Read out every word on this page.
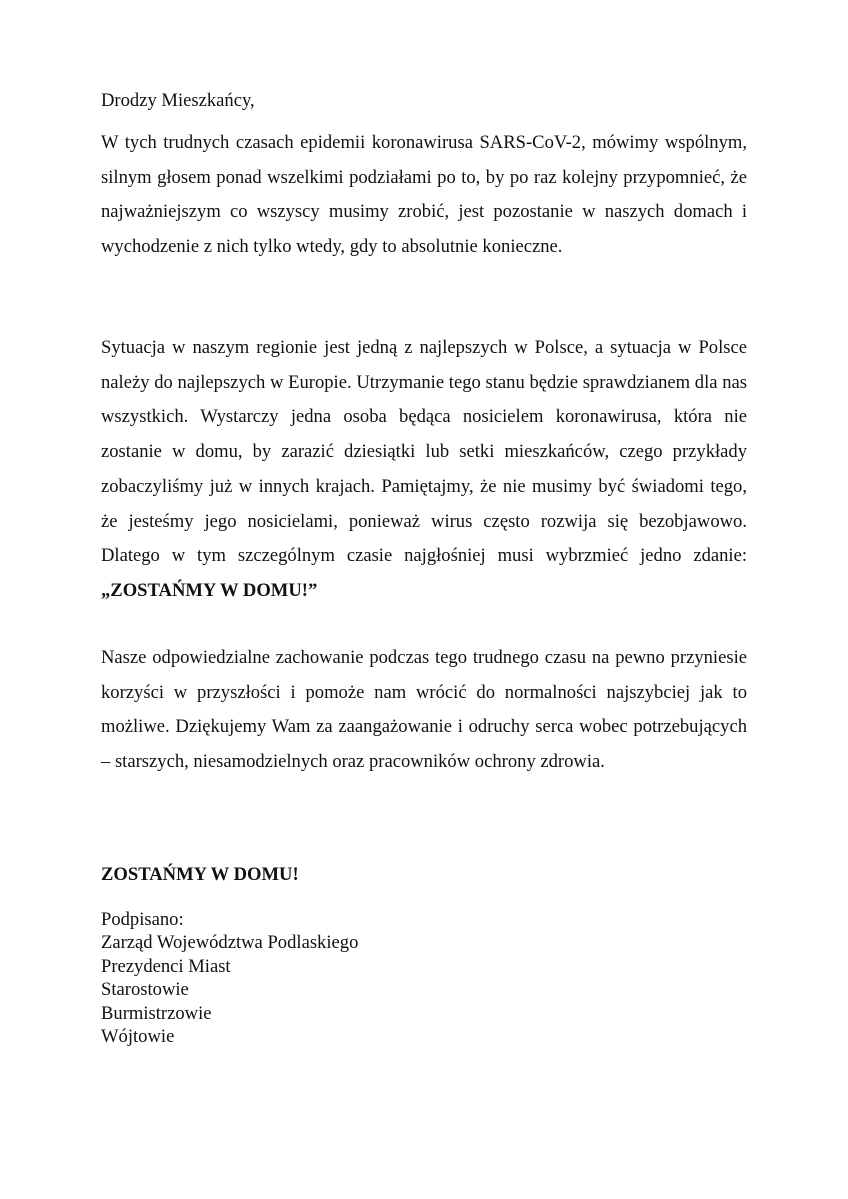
Drodzy Mieszkańcy,
W tych trudnych czasach epidemii koronawirusa SARS-CoV-2, mówimy wspólnym, silnym głosem ponad wszelkimi podziałami po to, by po raz kolejny przypomnieć, że najważniejszym co wszyscy musimy zrobić, jest pozostanie w naszych domach i wychodzenie z nich tylko wtedy, gdy to absolutnie konieczne.
Sytuacja w naszym regionie jest jedną z najlepszych w Polsce, a sytuacja w Polsce należy do najlepszych w Europie. Utrzymanie tego stanu będzie sprawdzianem dla nas wszystkich. Wystarczy jedna osoba będąca nosicielem koronawirusa, która nie zostanie w domu, by zarazić dziesiątki lub setki mieszkańców, czego przykłady zobaczyliśmy już w innych krajach. Pamiętajmy, że nie musimy być świadomi tego, że jesteśmy jego nosicielami, ponieważ wirus często rozwija się bezobjawowo. Dlatego w tym szczególnym czasie najgłośniej musi wybrzmieć jedno zdanie: „ZOSTAŃMY W DOMU!”
Nasze odpowiedzialne zachowanie podczas tego trudnego czasu na pewno przyniesie korzyści w przyszłości i pomoże nam wrócić do normalności najszybciej jak to możliwe. Dziękujemy Wam za zaangażowanie i odruchy serca wobec potrzebujących – starszych, niesamodzielnych oraz pracowników ochrony zdrowia.
ZOSTAŃMY W DOMU!
Podpisano:
Zarząd Województwa Podlaskiego
Prezydenci Miast
Starostowie
Burmistrzowie
Wójtowie
